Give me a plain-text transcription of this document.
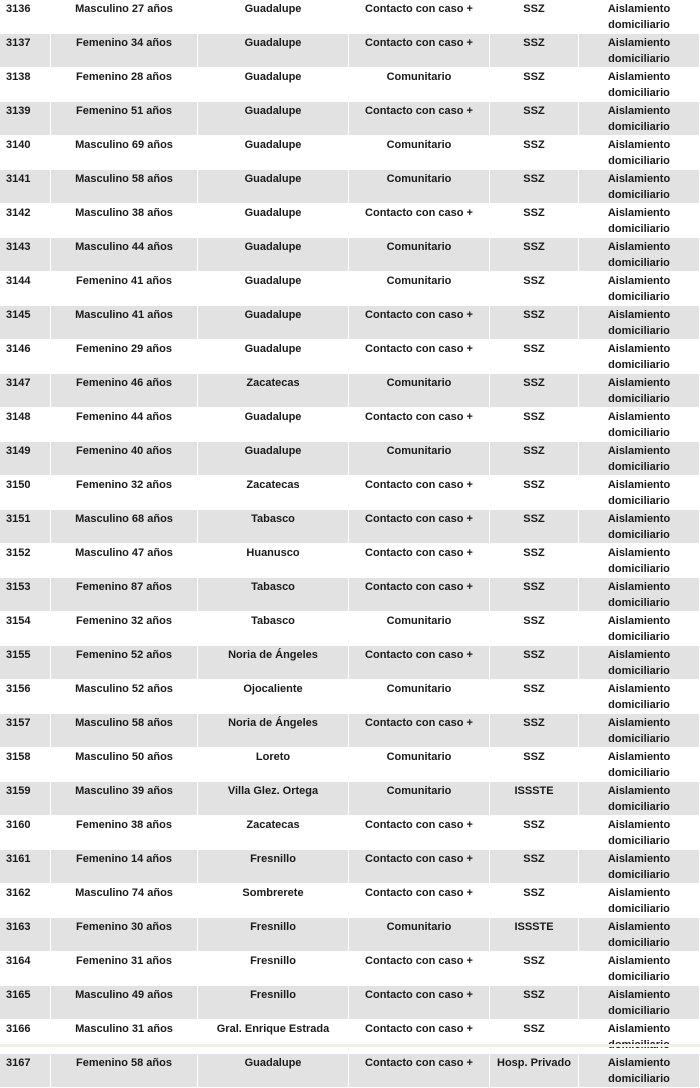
3136	Masculino 27 años	Guadalupe	Contacto con caso +	SSZ	Aislamiento domiciliario

3137	Femenino 34 años	Guadalupe	Contacto con caso +	SSZ	Aislamiento domiciliario

3138	Femenino 28 años	Guadalupe	Comunitario	SSZ	Aislamiento domiciliario

3139	Femenino 51 años	Guadalupe	Contacto con caso +	SSZ	Aislamiento domiciliario

3140	Masculino 69 años	Guadalupe	Comunitario	SSZ	Aislamiento domiciliario

3141	Masculino 58 años	Guadalupe	Comunitario	SSZ	Aislamiento domiciliario

3142	Masculino 38 años	Guadalupe	Contacto con caso +	SSZ	Aislamiento domiciliario

3143	Masculino 44 años	Guadalupe	Comunitario	SSZ	Aislamiento domiciliario

3144	Femenino 41 años	Guadalupe	Comunitario	SSZ	Aislamiento domiciliario

3145	Masculino 41 años	Guadalupe	Contacto con caso +	SSZ	Aislamiento domiciliario

3146	Femenino 29 años	Guadalupe	Contacto con caso +	SSZ	Aislamiento domiciliario

3147	Femenino 46 años	Zacatecas	Comunitario	SSZ	Aislamiento domiciliario

3148	Femenino 44 años	Guadalupe	Contacto con caso +	SSZ	Aislamiento domiciliario

3149	Femenino 40 años	Guadalupe	Comunitario	SSZ	Aislamiento domiciliario

3150	Femenino 32 años	Zacatecas	Contacto con caso +	SSZ	Aislamiento domiciliario

3151	Masculino 68 años	Tabasco	Contacto con caso +	SSZ	Aislamiento domiciliario

3152	Masculino 47 años	Huanusco	Contacto con caso +	SSZ	Aislamiento domiciliario

3153	Femenino 87 años	Tabasco	Contacto con caso +	SSZ	Aislamiento domiciliario

3154	Femenino 32 años	Tabasco	Comunitario	SSZ	Aislamiento domiciliario

3155	Femenino 52 años	Noria de Ángeles	Contacto con caso +	SSZ	Aislamiento domiciliario

3156	Masculino 52 años	Ojocaliente	Comunitario	SSZ	Aislamiento domiciliario

3157	Masculino 58 años	Noria de Ángeles	Contacto con caso +	SSZ	Aislamiento domiciliario

3158	Masculino 50 años	Loreto	Comunitario	SSZ	Aislamiento domiciliario

3159	Masculino 39 años	Villa Glez. Ortega	Comunitario	ISSSTE	Aislamiento domiciliario

3160	Femenino 38 años	Zacatecas	Contacto con caso +	SSZ	Aislamiento domiciliario

3161	Femenino 14 años	Fresnillo	Contacto con caso +	SSZ	Aislamiento domiciliario

3162	Masculino 74 años	Sombrerete	Contacto con caso +	SSZ	Aislamiento domiciliario

3163	Femenino 30 años	Fresnillo	Comunitario	ISSSTE	Aislamiento domiciliario

3164	Femenino 31 años	Fresnillo	Contacto con caso +	SSZ	Aislamiento domiciliario

3165	Masculino 49 años	Fresnillo	Contacto con caso +	SSZ	Aislamiento domiciliario

3166	Masculino 31 años	Gral. Enrique Estrada	Contacto con caso +	SSZ	Aislamiento

3167	Femenino 58 años	Guadalupe	Contacto con caso +	Hosp. Privado	Aislamiento domiciliario
